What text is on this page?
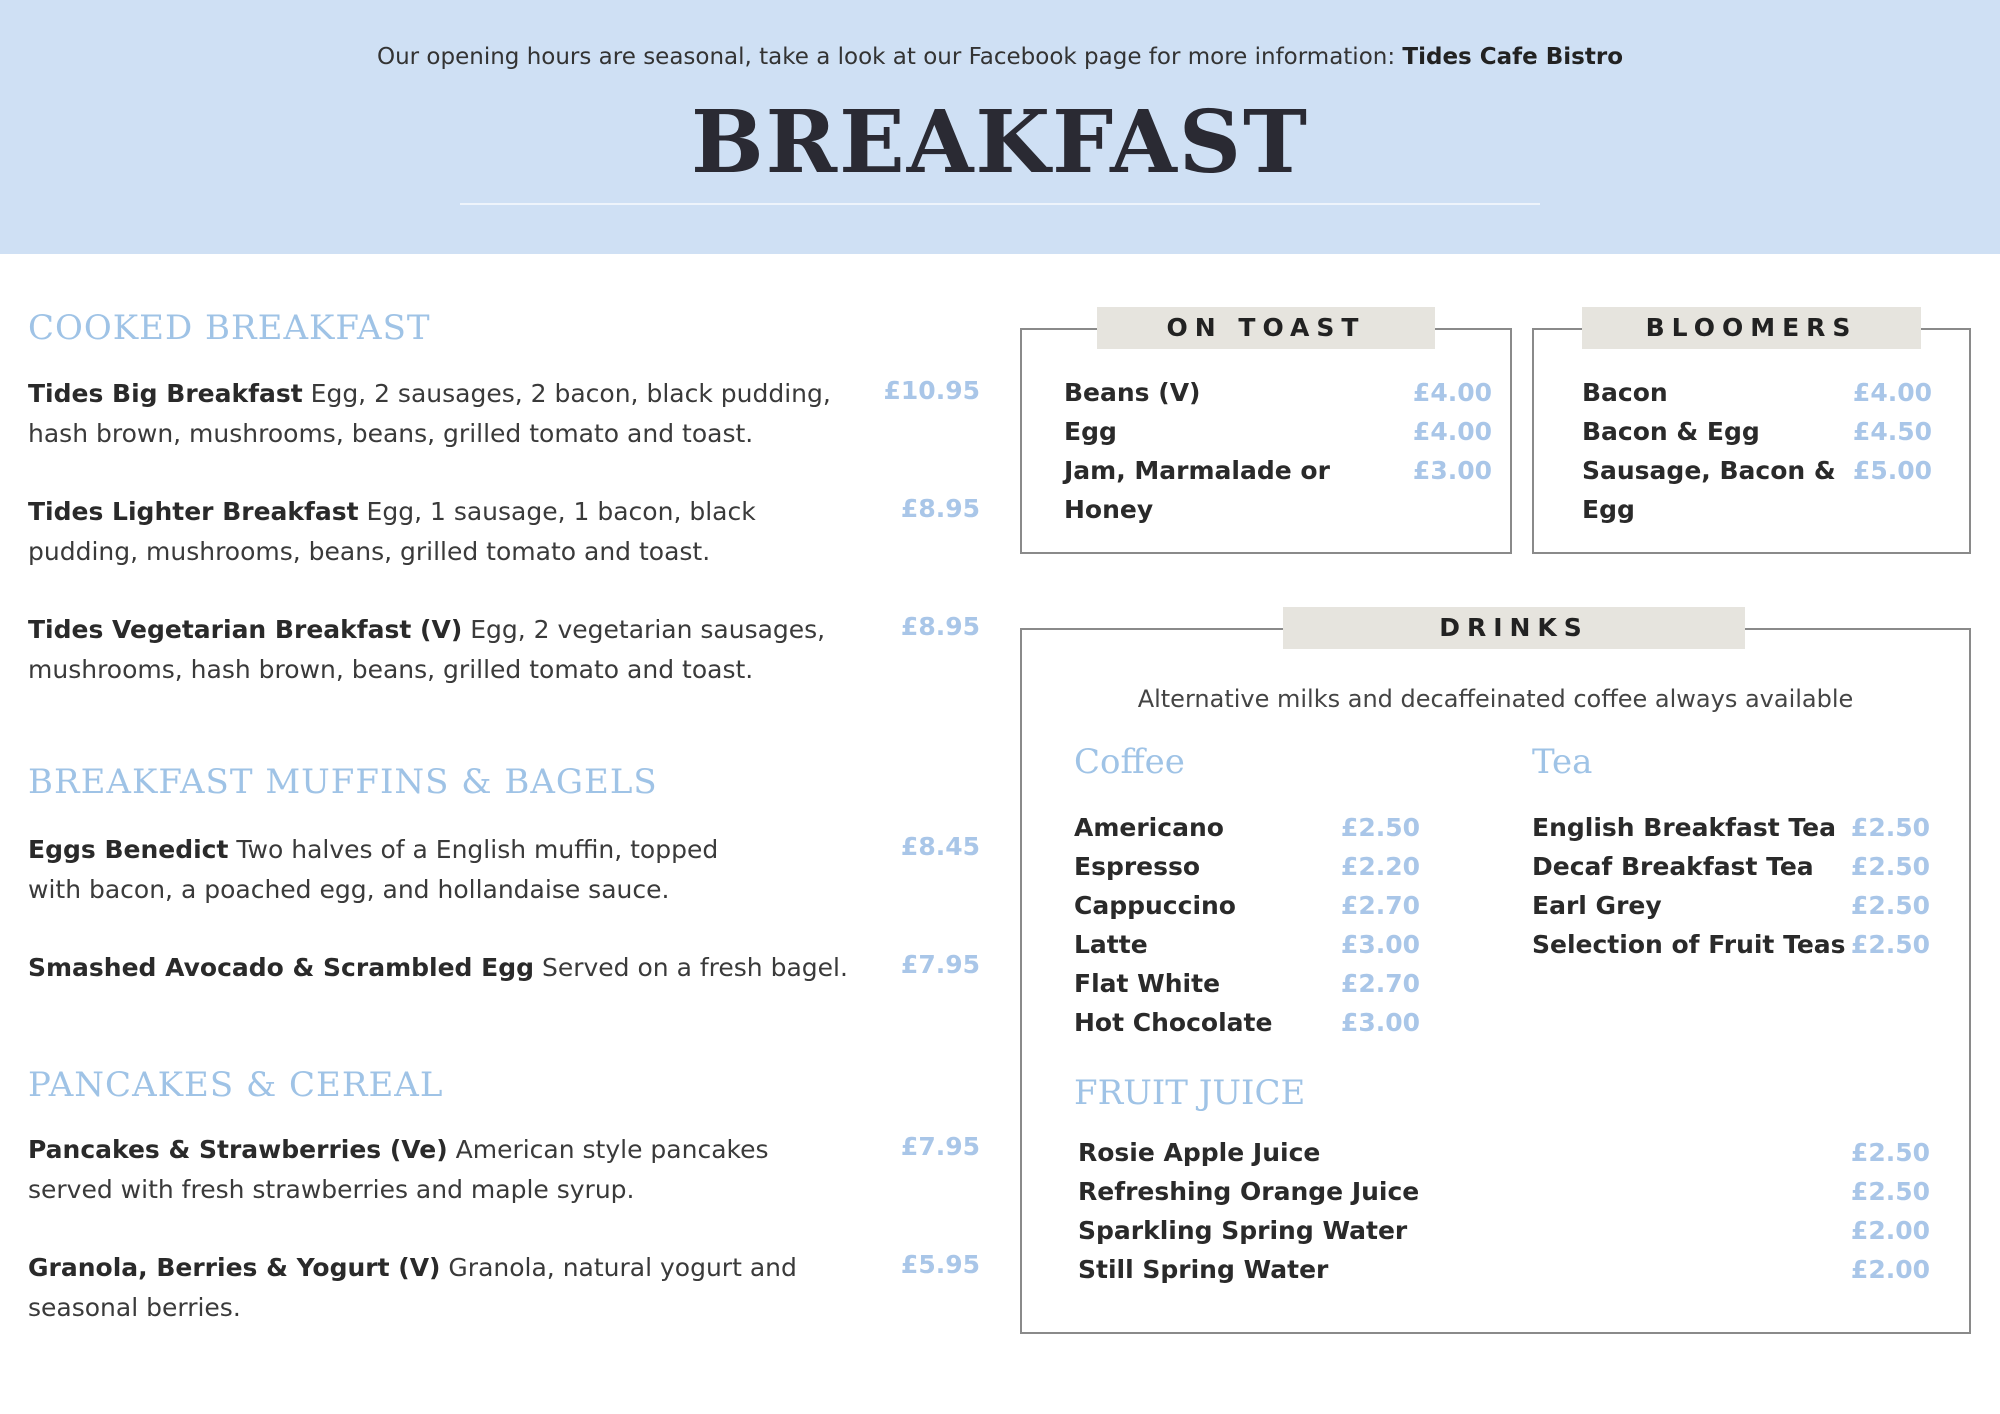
Our opening hours are seasonal, take a look at our Facebook page for more information: Tides Cafe Bistro
BREAKFAST
COOKED BREAKFAST
Tides Big Breakfast Egg, 2 sausages, 2 bacon, black pudding, hash brown, mushrooms, beans, grilled tomato and toast.
£10.95
Tides Lighter Breakfast Egg, 1 sausage, 1 bacon, black pudding, mushrooms, beans, grilled tomato and toast.
£8.95
Tides Vegetarian Breakfast (V) Egg, 2 vegetarian sausages, mushrooms, hash brown, beans, grilled tomato and toast.
£8.95
BREAKFAST MUFFINS & BAGELS
Eggs Benedict Two halves of a English muffin, topped with bacon, a poached egg, and hollandaise sauce.
£8.45
Smashed Avocado & Scrambled Egg Served on a fresh bagel.	£7.95
PANCAKES & CEREAL
Pancakes & Strawberries (Ve) American style pancakes served with fresh strawberries and maple syrup.
£7.95
Granola, Berries & Yogurt (V) Granola, natural yogurt and seasonal berries.
£5.95
ON TOAST
Beans (V)	£4.00
Egg	£4.00
Jam, Marmalade or
Honey
£3.00
BLOOMERS
Bacon	£4.00
Bacon & Egg	£4.50
Sausage, Bacon &
Egg
£5.00
DRINKS
Alternative milks and decaffeinated coffee always available
Coffee	Tea
Americano	£2.50
Espresso	£2.20
Cappuccino	£2.70
Latte	£3.00
Flat White	£2.70
Hot Chocolate	£3.00
English Breakfast Tea £2.50
Decaf Breakfast Tea	£2.50
Earl Grey	£2.50
Selection of Fruit Teas £2.50
FRUIT JUICE
Rosie Apple Juice	£2.50
Refreshing Orange Juice	£2.50
Sparkling Spring Water	£2.00
Still Spring Water	£2.00
